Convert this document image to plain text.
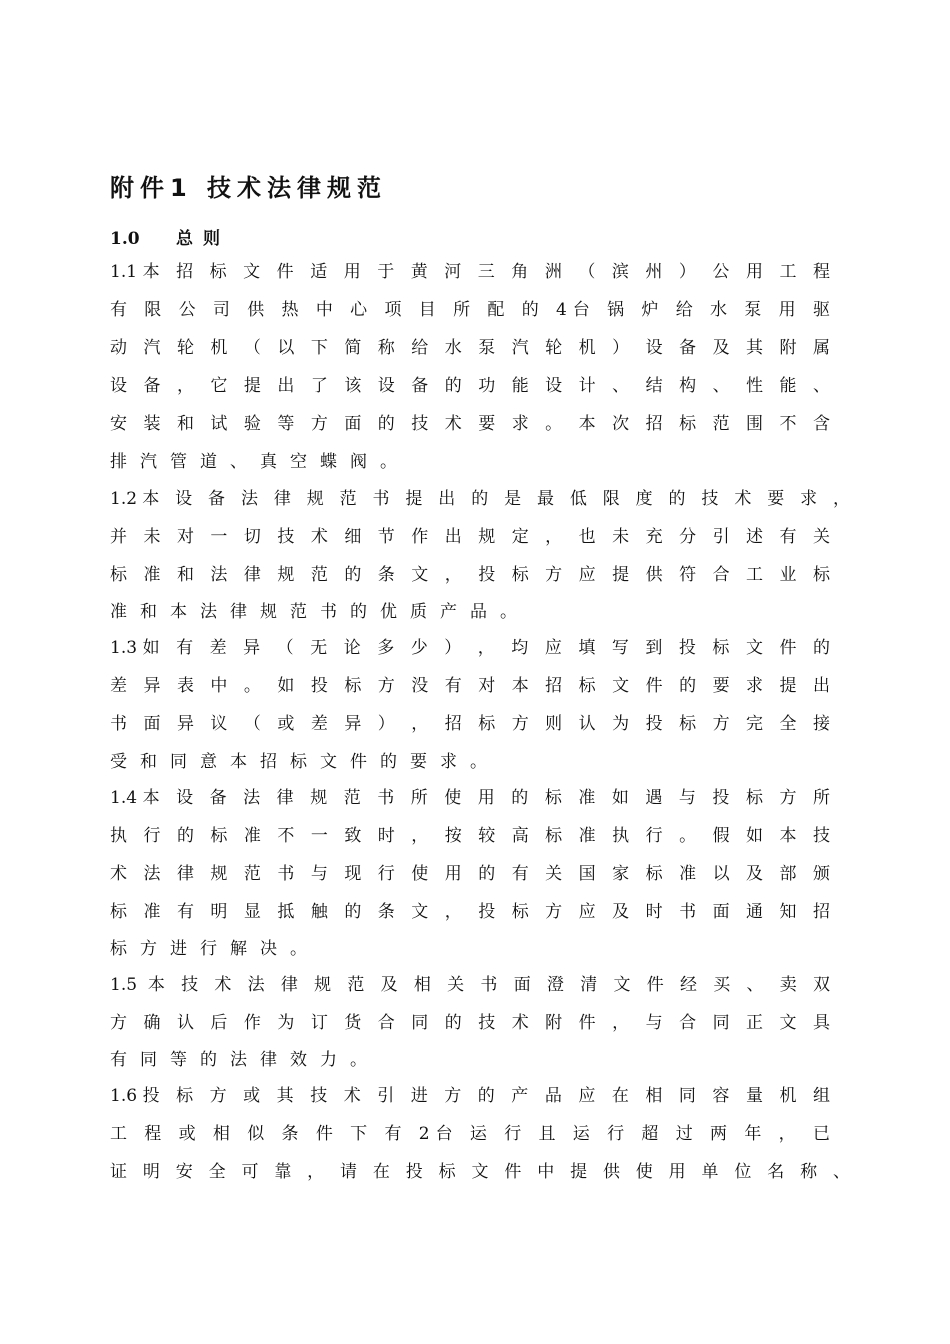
附件1 技术法律规范
1.0 总则
1.1本 招 标 文 件 适 用 于 黄 河 三 角 洲 （ 滨 州 ） 公 用 工 程
有 限 公 司 供 热 中 心 项 目 所 配 的 4台 锅 炉 给 水 泵 用 驱
动 汽 轮 机 （ 以 下 简 称 给 水 泵 汽 轮 机 ） 设 备 及 其 附 属
设 备 ， 它 提 出 了 该 设 备 的 功 能 设 计 、 结 构 、 性 能 、
安 装 和 试 验 等 方 面 的 技 术 要 求 。 本 次 招 标 范 围 不 含
排汽管道、真空蝶阀。
1.2本 设 备 法 律 规 范 书 提 出 的 是 最 低 限 度 的 技 术 要 求 ，
并 未 对 一 切 技 术 细 节 作 出 规 定 ， 也 未 充 分 引 述 有 关
标 准 和 法 律 规 范 的 条 文 ， 投 标 方 应 提 供 符 合 工 业 标
准和本法律规范书的优质产品。
1.3如 有 差 异 （ 无 论 多 少 ） ， 均 应 填 写 到 投 标 文 件 的
差 异 表 中 。 如 投 标 方 没 有 对 本 招 标 文 件 的 要 求 提 出
书 面 异 议 （ 或 差 异 ） ， 招 标 方 则 认 为 投 标 方 完 全 接
受和同意本招标文件的要求。
1.4本 设 备 法 律 规 范 书 所 使 用 的 标 准 如 遇 与 投 标 方 所
执 行 的 标 准 不 一 致 时 ， 按 较 高 标 准 执 行 。 假 如 本 技
术 法 律 规 范 书 与 现 行 使 用 的 有 关 国 家 标 准 以 及 部 颁
标 准 有 明 显 抵 触 的 条 文 ， 投 标 方 应 及 时 书 面 通 知 招
标方进行解决。
1.5 本 技 术 法 律 规 范 及 相 关 书 面 澄 清 文 件 经 买 、 卖 双
方 确 认 后 作 为 订 货 合 同 的 技 术 附 件 ， 与 合 同 正 文 具
有同等的法律效力。
1.6投 标 方 或 其 技 术 引 进 方 的 产 品 应 在 相 同 容 量 机 组
工 程 或 相 似 条 件 下 有 2台 运 行 且 运 行 超 过 两 年 ， 已
证 明 安 全 可 靠 ， 请 在 投 标 文 件 中 提 供 使 用 单 位 名 称 、
